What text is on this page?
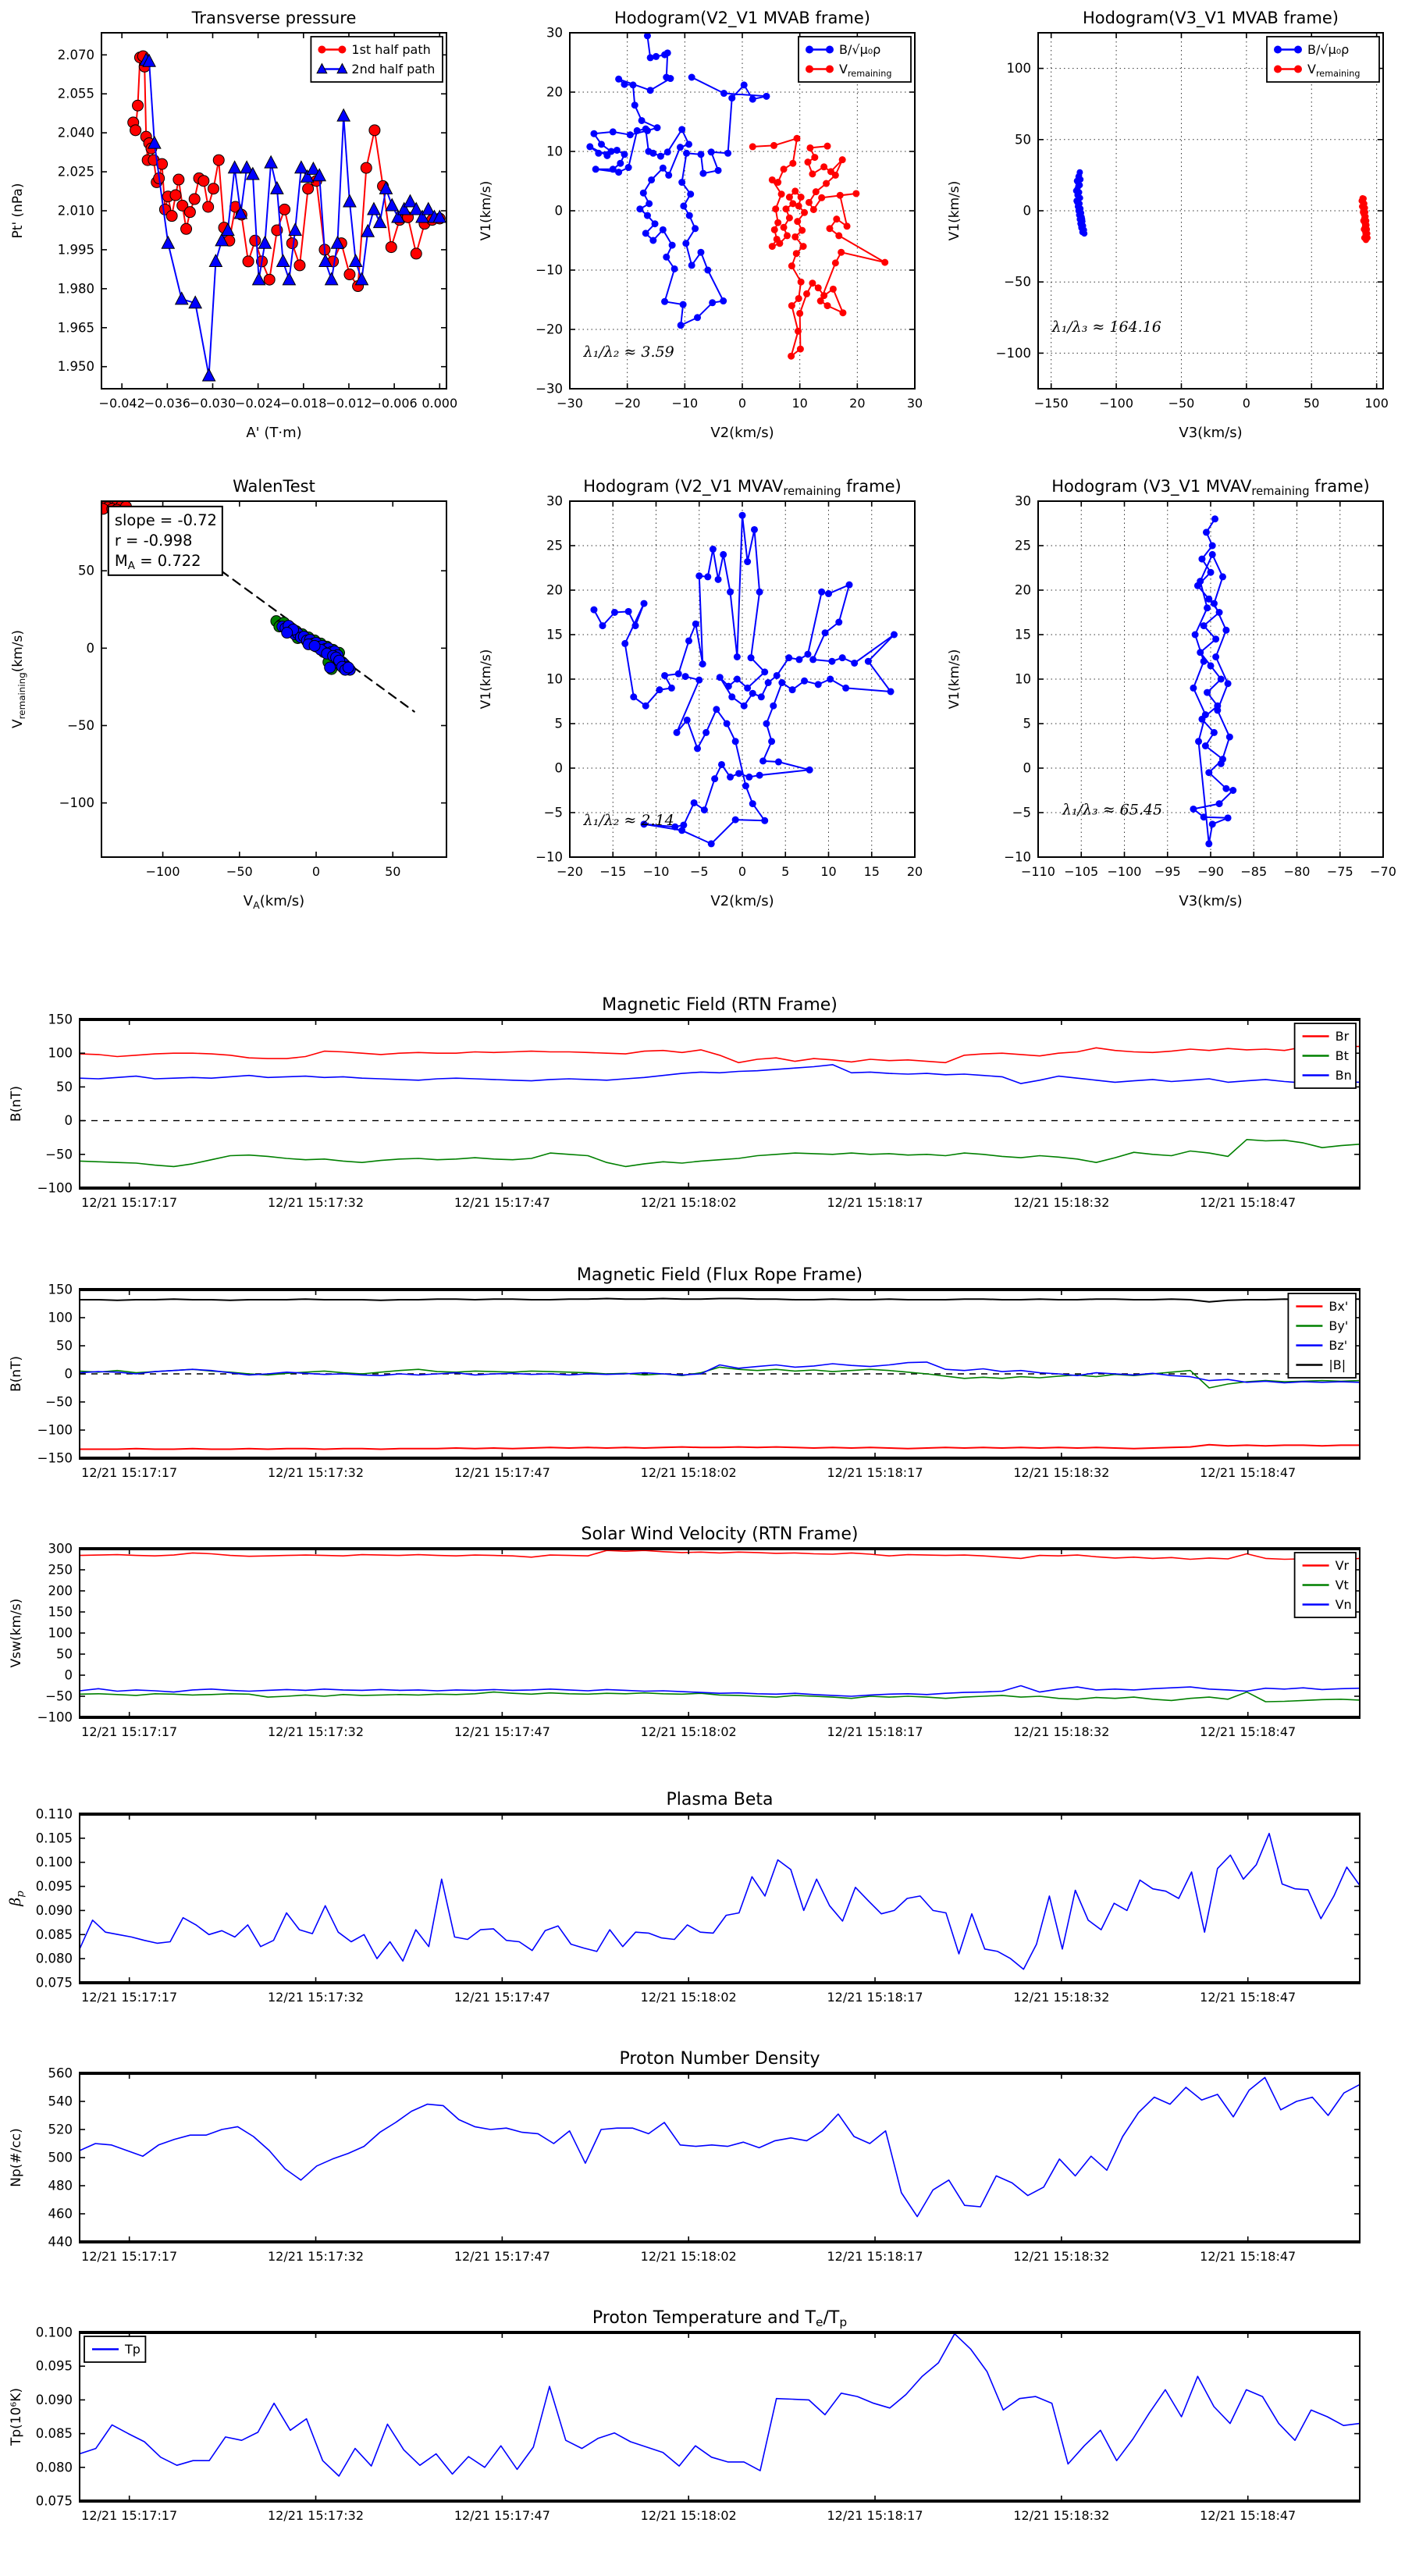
−0.042
−0.036
−0.030
−0.024
−0.018
−0.012
−0.006 0.000
1.950
1.965
1.980
1.995
2.010
2.025
2.040
2.055
2.070
Transverse pressure
A' (T·m)
Pt' (nPa)
1st half path
2nd half path
−30 −20 −10	0	10	20	30
−30
−20
−10
0
10
20
30
Hodogram(V2_V1 MVAB frame)
V2(km/s)
V1(km/s)
B/√μ₀ρ
$V_{remaining}$
λ₁/λ₂ ≈ 3.59
−150 −100	−50	0	50	100
−100
−50
0
50
100
Hodogram(V3_V1 MVAB frame)
V3(km/s)
V1(km/s)
B/√μ₀ρ
$V_{remaining}$
λ₁/λ₃ ≈ 164.16
−100	−50	0	50
−100
−50
0
50
WalenTest
$V_A(km/s)$
$V_{remaining}(km/s)$
slope = -0.72
r = -0.998
$M_A = 0.722$
−20 −15 −10 −5 0	5 10 15 20
−10
−5
0
5
10
15
20
25
30
Hodogram (V2_V1 MVAVremaining frame)
V2(km/s)
V1(km/s)
λ₁/λ₂ ≈ 2.14
−110 −105 −100 −95 −90 −85 −80 −75 −70
−10
−5
0
5
10
15
20
25
30
Hodogram (V3_V1 MVAVremaining frame)
V3(km/s)
V1(km/s)
λ₁/λ₃ ≈ 65.45
12/21 15:17:17	12/21 15:17:32	12/21 15:17:47	12/21 15:18:02	12/21 15:18:17	12/21 15:18:32	12/21 15:18:47
−100
−50
0
50
100
150
Magnetic Field (RTN Frame)
B(nT)
Br
Bt
Bn
12/21 15:17:17	12/21 15:17:32	12/21 15:17:47	12/21 15:18:02	12/21 15:18:17	12/21 15:18:32	12/21 15:18:47
−150
−100
−50
0
50
100
150
Magnetic Field (Flux Rope Frame)
B(nT)
Bx'
By'
Bz'
|B|
12/21 15:17:17	12/21 15:17:32	12/21 15:17:47	12/21 15:18:02	12/21 15:18:17	12/21 15:18:32	12/21 15:18:47
−100
−50
0
50
100
150
200
250
300
Solar Wind Velocity (RTN Frame)
Vsw(km/s)
Vr
Vt
Vn
12/21 15:17:17	12/21 15:17:32	12/21 15:17:47	12/21 15:18:02	12/21 15:18:17	12/21 15:18:32	12/21 15:18:47
0.075
0.080
0.085
0.090
0.095
0.100
0.105
0.110
Plasma Beta
$\beta_p$
12/21 15:17:17	12/21 15:17:32	12/21 15:17:47	12/21 15:18:02	12/21 15:18:17	12/21 15:18:32	12/21 15:18:47
440
460
480
500
520
540
560
Proton Number Density
Np(#/cc)
12/21 15:17:17	12/21 15:17:32	12/21 15:17:47	12/21 15:18:02	12/21 15:18:17	12/21 15:18:32	12/21 15:18:47
0.075
0.080
0.085
0.090
0.095
0.100
Proton Temperature and Te/Tp
Tp(10⁶K)
Tp
